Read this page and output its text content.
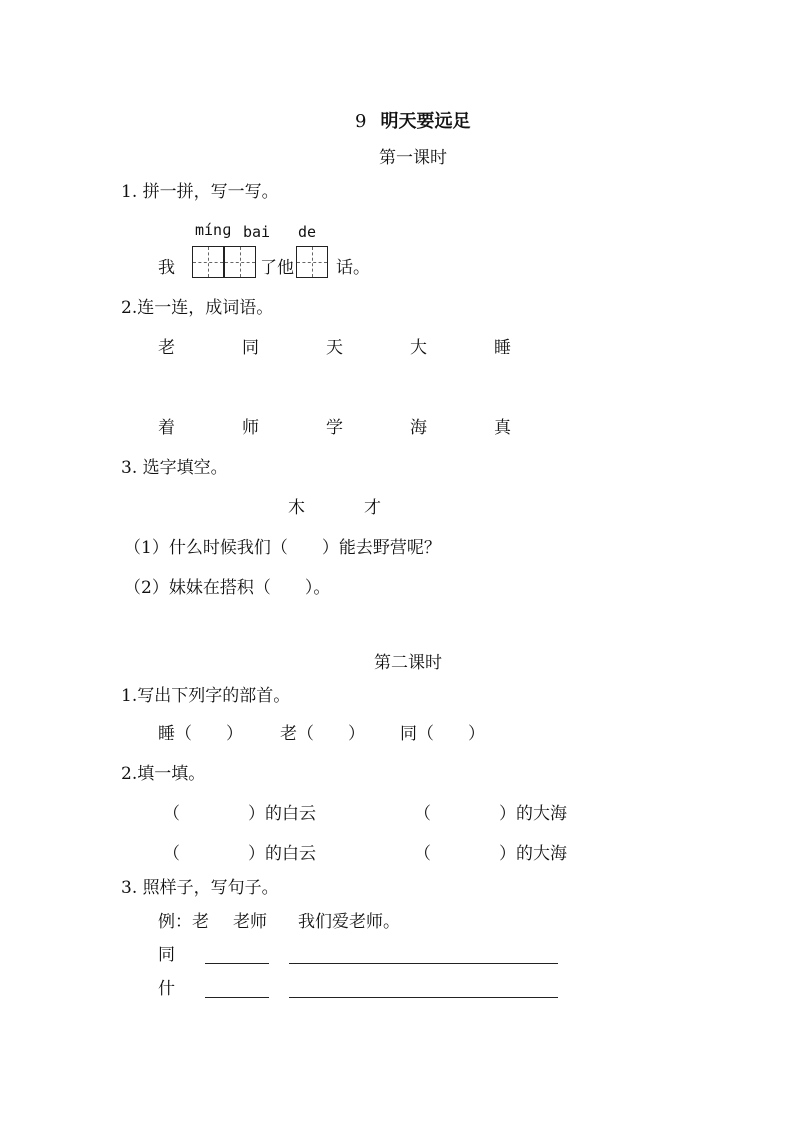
9 明天要远足
第一课时
1. 拼一拼，写一写。
mínɡ bai de
我	了他 话。
2.连一连，成词语。
老	同	天	大	睡
着	师	学	海	真
3. 选字填空。
木	才
（1）什么时候我们（　　）能去野营呢？
（2）妹妹在搭积（　　）。
第二课时
1.写出下列字的部首。
睡（　　） 老（　　） 同（　　）
2.填一填。
（　　　　）的白云	（　　　　）的大海
（　　　　）的白云	（　　　　）的大海
3. 照样子，写句子。
例：老 老师 我们爱老师。
同
什
